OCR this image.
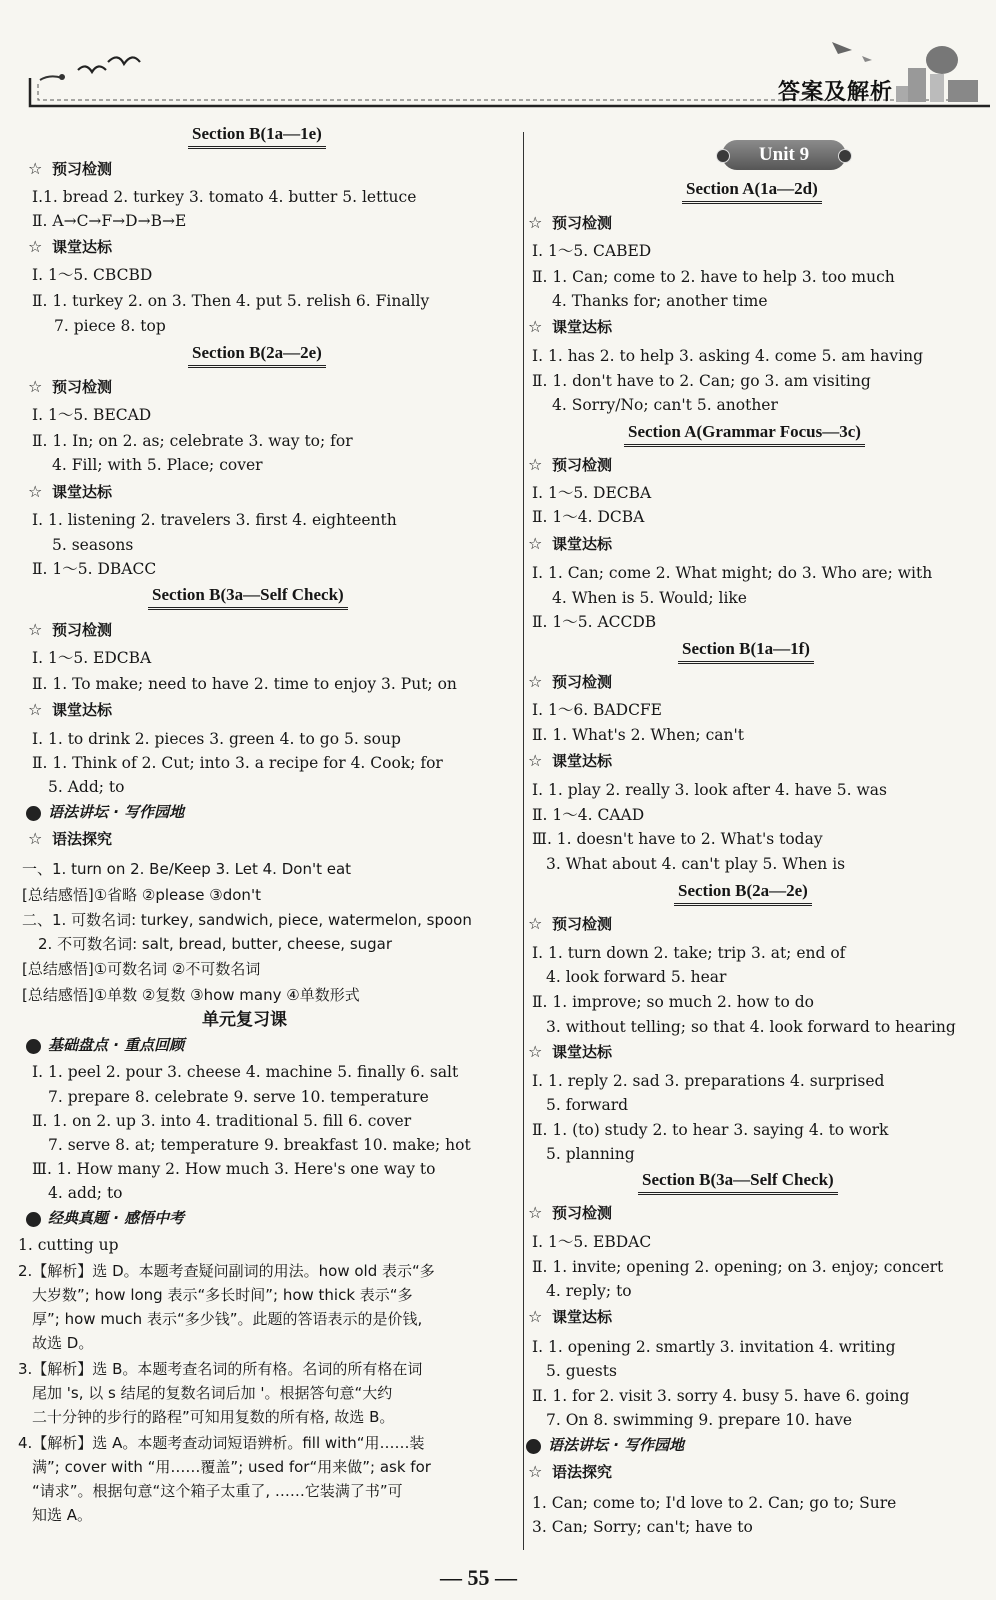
答案及解析
Section B(1a—1e)
☆ 预习检测
Ⅰ.1. bread 2. turkey 3. tomato 4. butter 5. lettuce
Ⅱ. A→C→F→D→B→E
☆ 课堂达标
Ⅰ. 1～5. CBCBD
Ⅱ. 1. turkey 2. on 3. Then 4. put 5. relish 6. Finally
7. piece 8. top
Section B(2a—2e)
☆ 预习检测
Ⅰ. 1～5. BECAD
Ⅱ. 1. In; on 2. as; celebrate 3. way to; for
4. Fill; with 5. Place; cover
☆ 课堂达标
Ⅰ. 1. listening 2. travelers 3. first 4. eighteenth
5. seasons
Ⅱ. 1～5. DBACC
Section B(3a—Self Check)
☆ 预习检测
Ⅰ. 1～5. EDCBA
Ⅱ. 1. To make; need to have 2. time to enjoy 3. Put; on
☆ 课堂达标
Ⅰ. 1. to drink 2. pieces 3. green 4. to go 5. soup
Ⅱ. 1. Think of 2. Cut; into 3. a recipe for 4. Cook; for
5. Add; to
语法讲坛 · 写作园地
☆ 语法探究
一、1. turn on 2. Be/Keep 3. Let 4. Don't eat
[总结感悟]①省略 ②please ③don't
二、1. 可数名词: turkey, sandwich, piece, watermelon, spoon
2. 不可数名词: salt, bread, butter, cheese, sugar
[总结感悟]①可数名词 ②不可数名词
[总结感悟]①单数 ②复数 ③how many ④单数形式
单元复习课
基础盘点 · 重点回顾
Ⅰ. 1. peel 2. pour 3. cheese 4. machine 5. finally 6. salt
7. prepare 8. celebrate 9. serve 10. temperature
Ⅱ. 1. on 2. up 3. into 4. traditional 5. fill 6. cover
7. serve 8. at; temperature 9. breakfast 10. make; hot
Ⅲ. 1. How many 2. How much 3. Here's one way to
4. add; to
经典真题 · 感悟中考
1. cutting up
2.【解析】选 D。本题考查疑问副词的用法。how old 表示“多
大岁数”; how long 表示“多长时间”; how thick 表示“多
厚”; how much 表示“多少钱”。此题的答语表示的是价钱,
故选 D。
3.【解析】选 B。本题考查名词的所有格。名词的所有格在词
尾加 's, 以 s 结尾的复数名词后加 '。根据答句意“大约
二十分钟的步行的路程”可知用复数的所有格, 故选 B。
4.【解析】选 A。本题考查动词短语辨析。fill with“用……装
满”; cover with “用……覆盖”; used for“用来做”; ask for
“请求”。根据句意“这个箱子太重了, ……它装满了书”可
知选 A。
Unit 9
Section A(1a—2d)
☆ 预习检测
Ⅰ. 1～5. CABED
Ⅱ. 1. Can; come to 2. have to help 3. too much
4. Thanks for; another time
☆ 课堂达标
Ⅰ. 1. has 2. to help 3. asking 4. come 5. am having
Ⅱ. 1. don't have to 2. Can; go 3. am visiting
4. Sorry/No; can't 5. another
Section A(Grammar Focus—3c)
☆ 预习检测
Ⅰ. 1～5. DECBA
Ⅱ. 1～4. DCBA
☆ 课堂达标
Ⅰ. 1. Can; come 2. What might; do 3. Who are; with
4. When is 5. Would; like
Ⅱ. 1～5. ACCDB
Section B(1a—1f)
☆ 预习检测
Ⅰ. 1～6. BADCFE
Ⅱ. 1. What's 2. When; can't
☆ 课堂达标
Ⅰ. 1. play 2. really 3. look after 4. have 5. was
Ⅱ. 1～4. CAAD
Ⅲ. 1. doesn't have to 2. What's today
3. What about 4. can't play 5. When is
Section B(2a—2e)
☆ 预习检测
Ⅰ. 1. turn down 2. take; trip 3. at; end of
4. look forward 5. hear
Ⅱ. 1. improve; so much 2. how to do
3. without telling; so that 4. look forward to hearing
☆ 课堂达标
Ⅰ. 1. reply 2. sad 3. preparations 4. surprised
5. forward
Ⅱ. 1. (to) study 2. to hear 3. saying 4. to work
5. planning
Section B(3a—Self Check)
☆ 预习检测
Ⅰ. 1～5. EBDAC
Ⅱ. 1. invite; opening 2. opening; on 3. enjoy; concert
4. reply; to
☆ 课堂达标
Ⅰ. 1. opening 2. smartly 3. invitation 4. writing
5. guests
Ⅱ. 1. for 2. visit 3. sorry 4. busy 5. have 6. going
7. On 8. swimming 9. prepare 10. have
语法讲坛 · 写作园地
☆ 语法探究
1. Can; come to; I'd love to 2. Can; go to; Sure
3. Can; Sorry; can't; have to
— 55 —
